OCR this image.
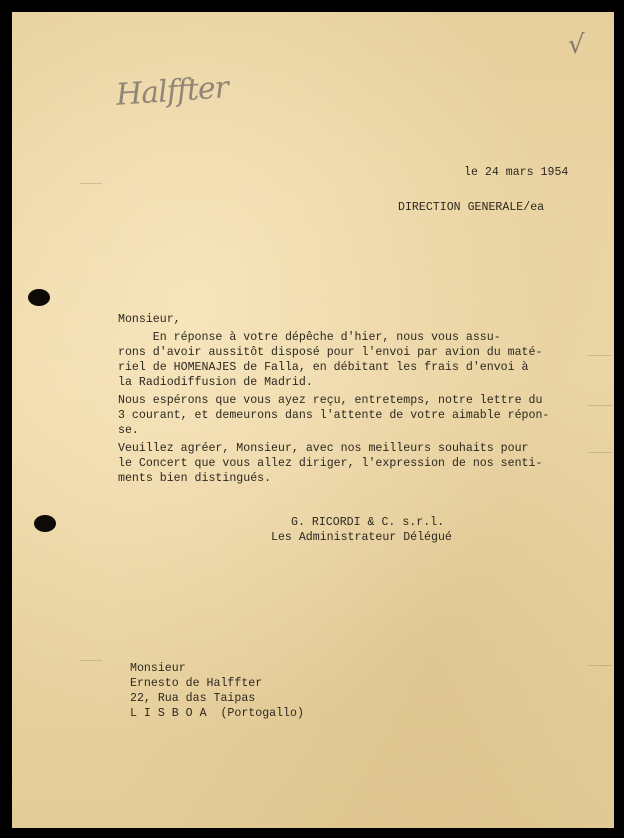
Halffter
√
le 24 mars 1954
DIRECTION GENERALE/ea
Monsieur,
En réponse à votre dépêche d'hier, nous vous assu-
rons d'avoir aussitôt disposé pour l'envoi par avion du maté-
riel de HOMENAJES de Falla, en débitant les frais d'envoi à
la Radiodiffusion de Madrid.
Nous espérons que vous ayez reçu, entretemps, notre lettre du
3 courant, et demeurons dans l'attente de votre aimable répon-
se.
Veuillez agréer, Monsieur, avec nos meilleurs souhaits pour
le Concert que vous allez diriger, l'expression de nos senti-
ments bien distingués.
G. RICORDI & C. s.r.l.
Les Administrateur Délégué
Monsieur
Ernesto de Halffter
22, Rua das Taipas
L I S B O A  (Portogallo)
